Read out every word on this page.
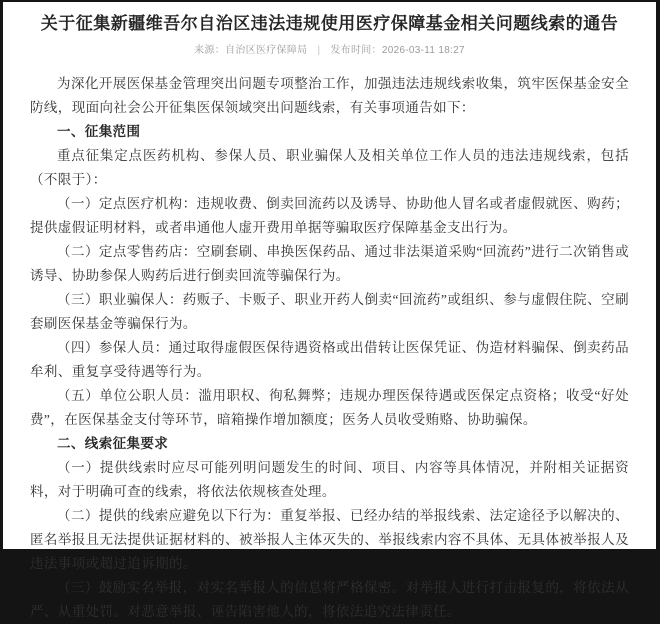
关于征集新疆维吾尔自治区违法违规使用医疗保障基金相关问题线索的通告
来源：自治区医疗保障局 | 发布时间：2026-03-11 18:27

为深化开展医保基金管理突出问题专项整治工作，加强违法违规线索收集，筑牢医保基金安全防线，现面向社会公开征集医保领域突出问题线索，有关事项通告如下：

一、征集范围

重点征集定点医药机构、参保人员、职业骗保人及相关单位工作人员的违法违规线索，包括（不限于）：

（一）定点医疗机构：违规收费、倒卖回流药以及诱导、协助他人冒名或者虚假就医、购药；提供虚假证明材料，或者串通他人虚开费用单据等骗取医疗保障基金支出行为。

（二）定点零售药店：空刷套刷、串换医保药品、通过非法渠道采购“回流药”进行二次销售或诱导、协助参保人购药后进行倒卖回流等骗保行为。

（三）职业骗保人：药贩子、卡贩子、职业开药人倒卖“回流药”或组织、参与虚假住院、空刷套刷医保基金等骗保行为。

（四）参保人员：通过取得虚假医保待遇资格或出借转让医保凭证、伪造材料骗保、倒卖药品牟利、重复享受待遇等行为。

（五）单位公职人员：滥用职权、徇私舞弊；违规办理医保待遇或医保定点资格；收受“好处费”，在医保基金支付等环节，暗箱操作增加额度；医务人员收受贿赂、协助骗保。

二、线索征集要求

（一）提供线索时应尽可能列明问题发生的时间、项目、内容等具体情况，并附相关证据资料，对于明确可查的线索，将依法依规核查处理。

（二）提供的线索应避免以下行为：重复举报、已经办结的举报线索、法定途径予以解决的、匿名举报且无法提供证据材料的、被举报人主体灭失的、举报线索内容不具体、无具体被举报人及违法事项或超过追诉期的。

（三）鼓励实名举报，对实名举报人的信息将严格保密。对举报人进行打击报复的，将依法从严、从重处罚。对恶意举报、诬告陷害他人的，将依法追究法律责任。
